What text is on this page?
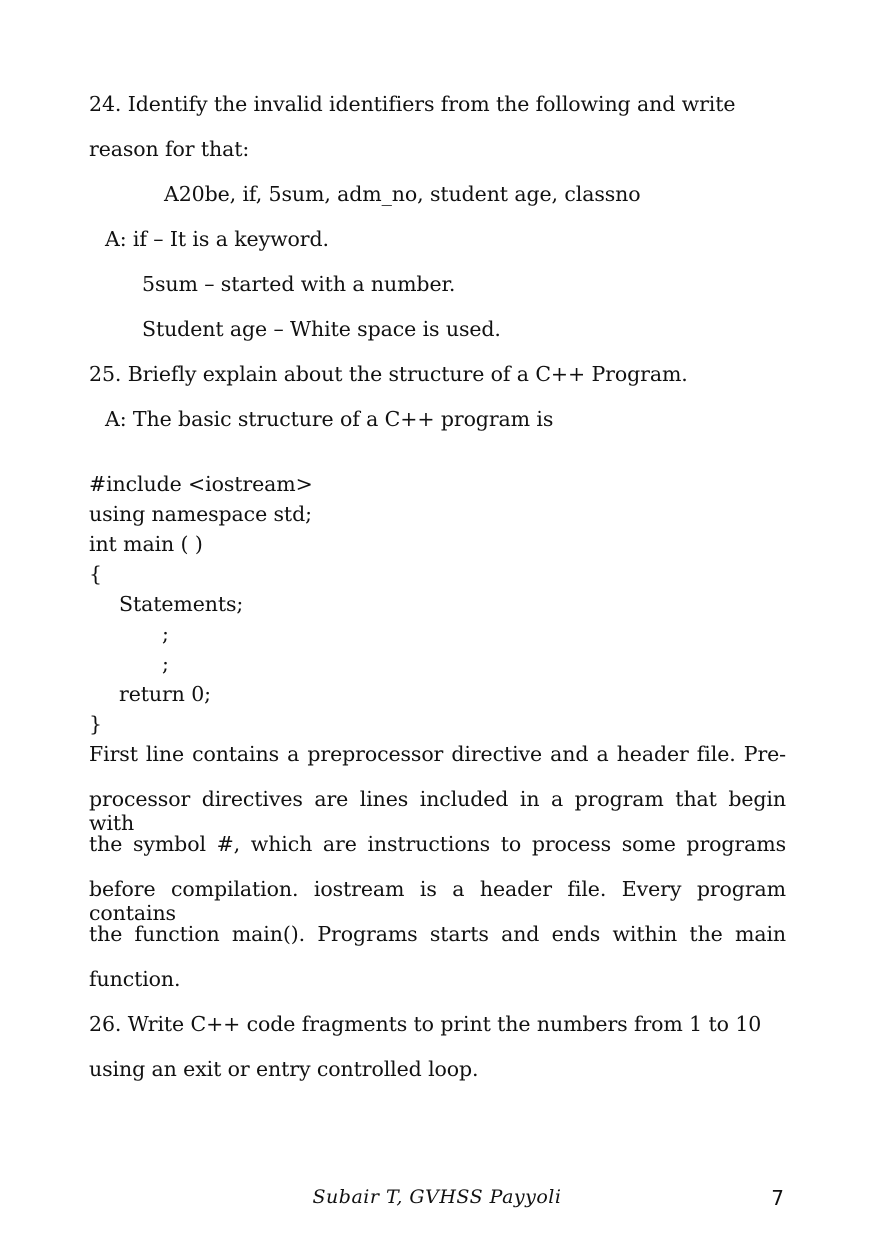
24. Identify the invalid identifiers from the following and write
reason for that:
A20be, if, 5sum, adm_no, student age, classno
A: if – It is a keyword.
5sum – started with a number.
Student age – White space is used.
25. Briefly explain about the structure of a C++ Program.
A: The basic structure of a C++ program is
#include <iostream>
using namespace std;
int main ( )
{
Statements;
;
;
return 0;
}
First line contains a preprocessor directive and a header file. Pre-
processor directives are lines included in a program that begin with
the symbol #, which are instructions to process some programs
before compilation. iostream is a header file. Every program contains
the function main(). Programs starts and ends within the main
function.
26. Write C++ code fragments to print the numbers from 1 to 10
using an exit or entry controlled loop.
Subair T, GVHSS Payyoli	7
